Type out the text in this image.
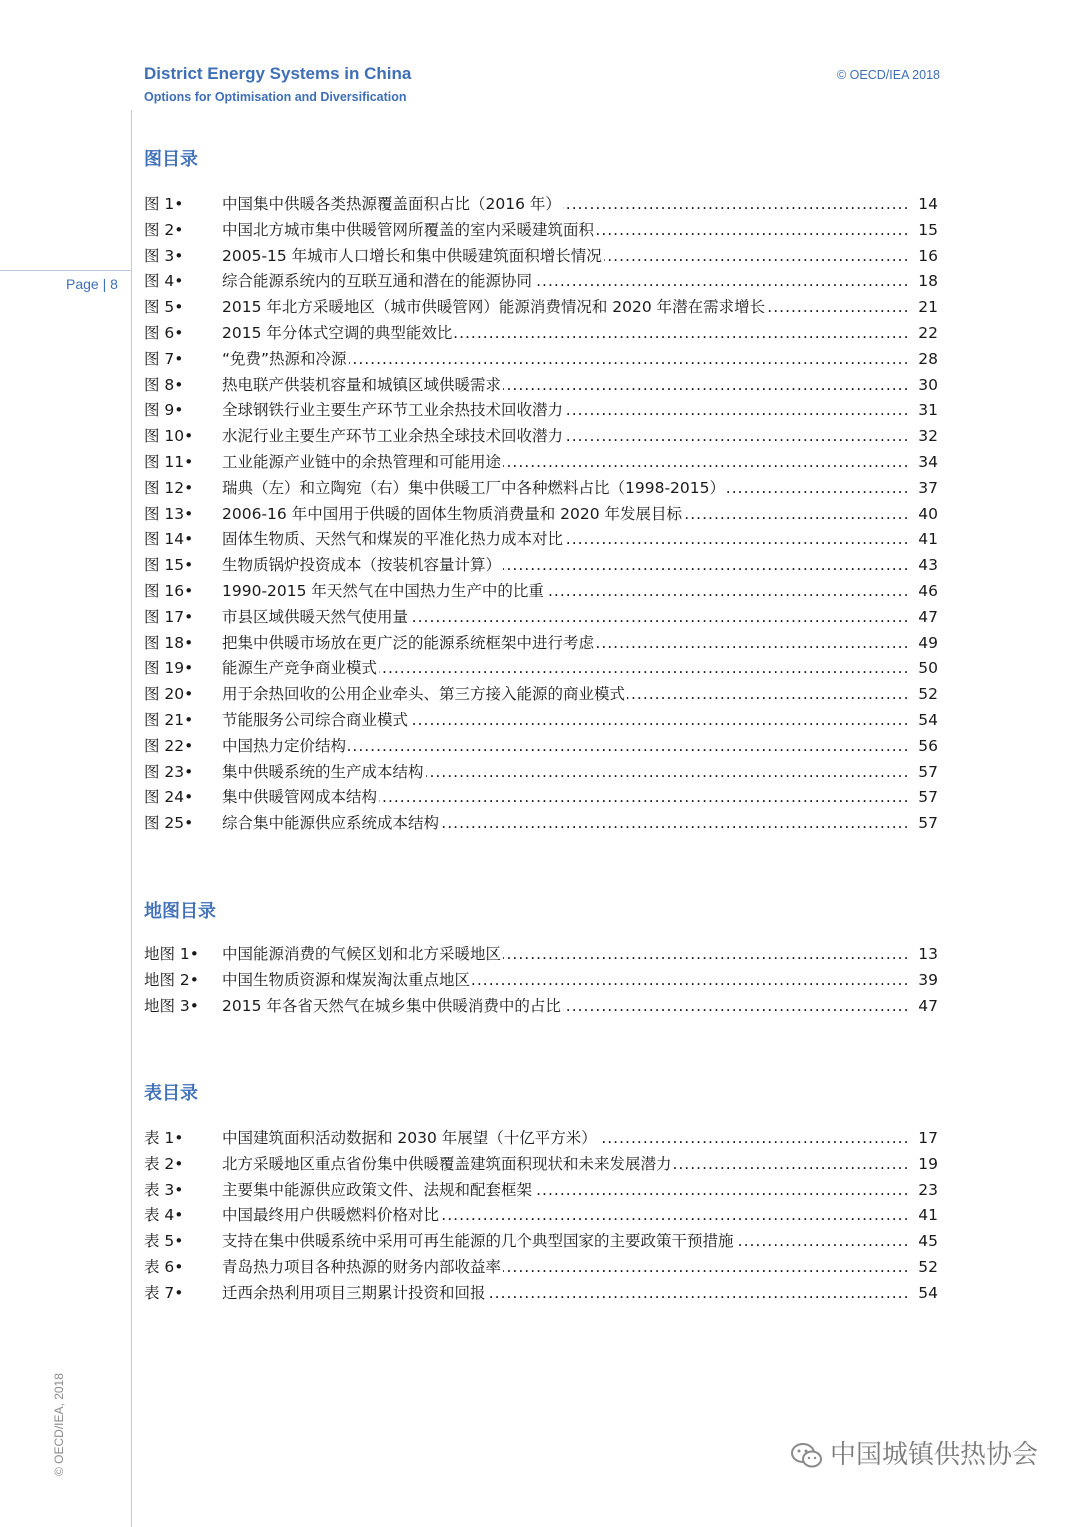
District Energy Systems in China
Options for Optimisation and Diversification
© OECD/IEA 2018
Page | 8
© OECD/IEA, 2018
图目录
图 1• 中国集中供暖各类热源覆盖面积占比（2016 年） .....	14
图 2• 中国北方城市集中供暖管网所覆盖的室内采暖建筑面积 .....	15
图 3• 2005-15 年城市人口增长和集中供暖建筑面积增长情况 .....	16
图 4• 综合能源系统内的互联互通和潜在的能源协同 .....	18
图 5• 2015 年北方采暖地区（城市供暖管网）能源消费情况和 2020 年潜在需求增长 .....	21
图 6• 2015 年分体式空调的典型能效比 .....	22
图 7• “免费”热源和冷源 .....	28
图 8• 热电联产供装机容量和城镇区域供暖需求 .....	30
图 9• 全球钢铁行业主要生产环节工业余热技术回收潜力 .....	31
图 10• 水泥行业主要生产环节工业余热全球技术回收潜力 .....	32
图 11• 工业能源产业链中的余热管理和可能用途 .....	34
图 12• 瑞典（左）和立陶宛（右）集中供暖工厂中各种燃料占比（1998-2015） .....	37
图 13• 2006-16 年中国用于供暖的固体生物质消费量和 2020 年发展目标 .....	40
图 14• 固体生物质、天然气和煤炭的平准化热力成本对比 .....	41
图 15• 生物质锅炉投资成本（按装机容量计算） .....	43
图 16• 1990-2015 年天然气在中国热力生产中的比重 .....	46
图 17• 市县区域供暖天然气使用量 .....	47
图 18• 把集中供暖市场放在更广泛的能源系统框架中进行考虑 .....	49
图 19• 能源生产竞争商业模式 .....	50
图 20• 用于余热回收的公用企业牵头、第三方接入能源的商业模式 .....	52
图 21• 节能服务公司综合商业模式 .....	54
图 22• 中国热力定价结构 .....	56
图 23• 集中供暖系统的生产成本结构 .....	57
图 24• 集中供暖管网成本结构 .....	57
图 25• 综合集中能源供应系统成本结构 .....	57
地图目录
地图 1• 中国能源消费的气候区划和北方采暖地区 .....	13
地图 2• 中国生物质资源和煤炭淘汰重点地区 .....	39
地图 3• 2015 年各省天然气在城乡集中供暖消费中的占比 .....	47
表目录
表 1• 中国建筑面积活动数据和 2030 年展望（十亿平方米） .....	17
表 2• 北方采暖地区重点省份集中供暖覆盖建筑面积现状和未来发展潜力 .....	19
表 3• 主要集中能源供应政策文件、法规和配套框架 .....	23
表 4• 中国最终用户供暖燃料价格对比 .....	41
表 5• 支持在集中供暖系统中采用可再生能源的几个典型国家的主要政策干预措施 .....	45
表 6• 青岛热力项目各种热源的财务内部收益率 .....	52
表 7• 迁西余热利用项目三期累计投资和回报 .....	54
中国城镇供热协会
